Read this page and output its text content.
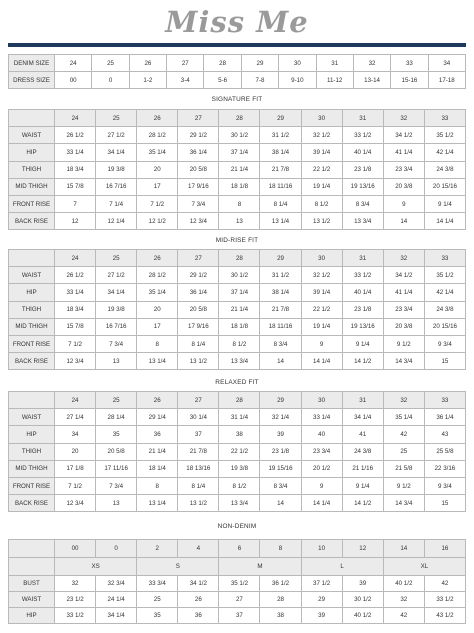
Miss Me
DENIM SIZE	24	25	26	27	28	29	30	31	32	33	34
DRESS SIZE	00	0	1-2	3-4	5-6	7-8	9-10	11-12	13-14	15-16	17-18
SIGNATURE FIT
	24	25	26	27	28	29	30	31	32	33
WAIST	26 1/2	27 1/2	28 1/2	29 1/2	30 1/2	31 1/2	32 1/2	33 1/2	34 1/2	35 1/2
HIP	33 1/4	34 1/4	35 1/4	36 1/4	37 1/4	38 1/4	39 1/4	40 1/4	41 1/4	42 1/4
THIGH	18 3/4	19 3/8	20	20 5/8	21 1/4	21 7/8	22 1/2	23 1/8	23 3/4	24 3/8
MID THIGH	15 7/8	16 7/16	17	17 9/16	18 1/8	18 11/16	19 1/4	19 13/16	20 3/8	20 15/16
FRONT RISE	7	7 1/4	7 1/2	7 3/4	8	8 1/4	8 1/2	8 3/4	9	9 1/4
BACK RISE	12	12 1/4	12 1/2	12 3/4	13	13 1/4	13 1/2	13 3/4	14	14 1/4
MID-RISE FIT
	24	25	26	27	28	29	30	31	32	33
WAIST	26 1/2	27 1/2	28 1/2	29 1/2	30 1/2	31 1/2	32 1/2	33 1/2	34 1/2	35 1/2
HIP	33 1/4	34 1/4	35 1/4	36 1/4	37 1/4	38 1/4	39 1/4	40 1/4	41 1/4	42 1/4
THIGH	18 3/4	19 3/8	20	20 5/8	21 1/4	21 7/8	22 1/2	23 1/8	23 3/4	24 3/8
MID THIGH	15 7/8	16 7/16	17	17 9/16	18 1/8	18 11/16	19 1/4	19 13/16	20 3/8	20 15/16
FRONT RISE	7 1/2	7 3/4	8	8 1/4	8 1/2	8 3/4	9	9 1/4	9 1/2	9 3/4
BACK RISE	12 3/4	13	13 1/4	13 1/2	13 3/4	14	14 1/4	14 1/2	14 3/4	15
RELAXED FIT
	24	25	26	27	28	29	30	31	32	33
WAIST	27 1/4	28 1/4	29 1/4	30 1/4	31 1/4	32 1/4	33 1/4	34 1/4	35 1/4	36 1/4
HIP	34	35	36	37	38	39	40	41	42	43
THIGH	20	20 5/8	21 1/4	21 7/8	22 1/2	23 1/8	23 3/4	24 3/8	25	25 5/8
MID THIGH	17 1/8	17 11/16	18 1/4	18 13/16	19 3/8	19 15/16	20 1/2	21 1/16	21 5/8	22 3/16
FRONT RISE	7 1/2	7 3/4	8	8 1/4	8 1/2	8 3/4	9	9 1/4	9 1/2	9 3/4
BACK RISE	12 3/4	13	13 1/4	13 1/2	13 3/4	14	14 1/4	14 1/2	14 3/4	15
NON-DENIM
	00	0	2	4	6	8	10	12	14	16
	XS		S		M		L		XL	
BUST	32	32 3/4	33 3/4	34 1/2	35 1/2	36 1/2	37 1/2	39	40 1/2	42
WAIST	23 1/2	24 1/4	25	26	27	28	29	30 1/2	32	33 1/2
HIP	33 1/2	34 1/4	35	36	37	38	39	40 1/2	42	43 1/2
